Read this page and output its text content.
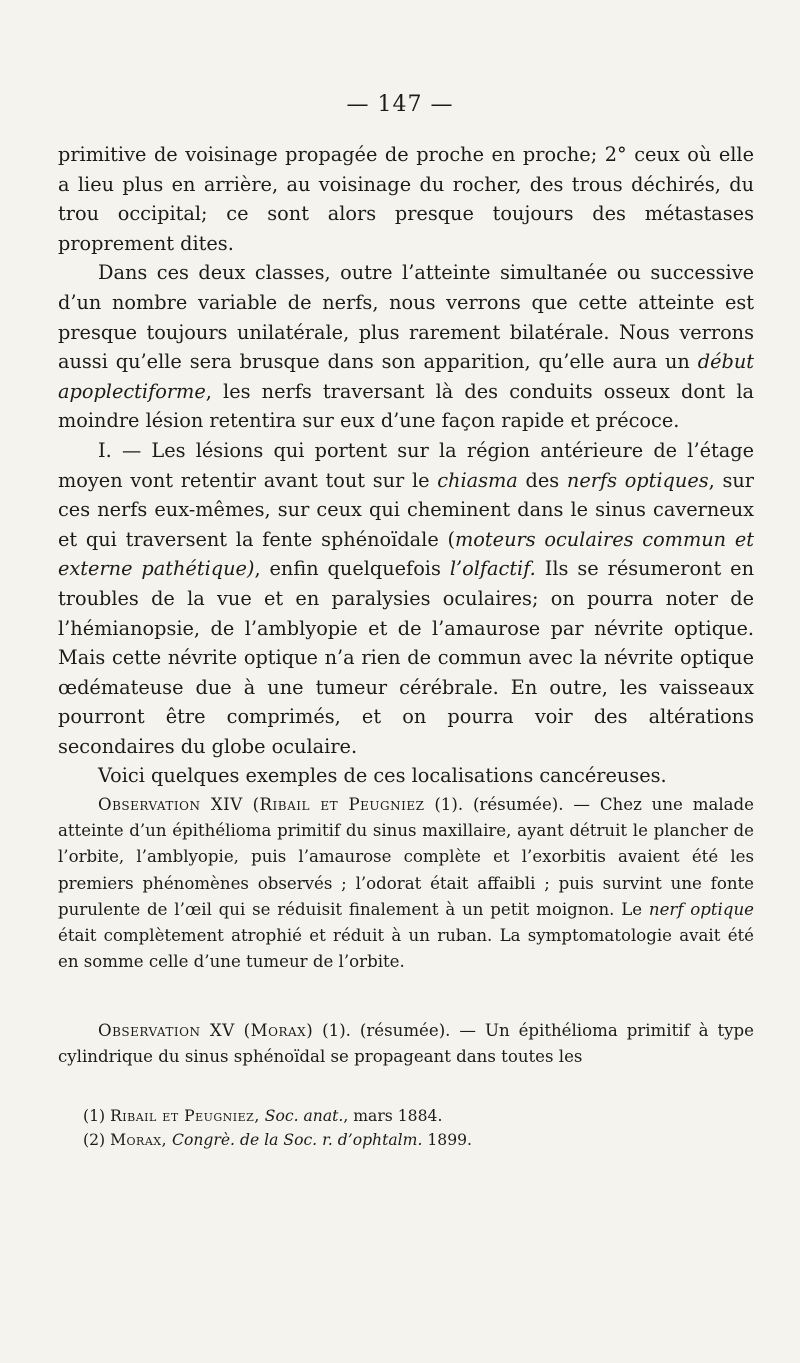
— 147 —

primitive de voisinage propagée de proche en proche; 2° ceux où elle a lieu plus en arrière, au voisinage du rocher, des trous déchirés, du trou occipital; ce sont alors presque toujours des métastases proprement dites.

Dans ces deux classes, outre l’atteinte simultanée ou successive d’un nombre variable de nerfs, nous verrons que cette atteinte est presque toujours unilatérale, plus rarement bilatérale. Nous verrons aussi qu’elle sera brusque dans son apparition, qu’elle aura un début apoplectiforme, les nerfs traversant là des conduits osseux dont la moindre lésion retentira sur eux d’une façon rapide et précoce.

I. — Les lésions qui portent sur la région antérieure de l’étage moyen vont retentir avant tout sur le chiasma des nerfs optiques, sur ces nerfs eux-mêmes, sur ceux qui cheminent dans le sinus caverneux et qui traversent la fente sphénoïdale (moteurs oculaires commun et externe pathétique), enfin quelquefois l’olfactif. Ils se résumeront en troubles de la vue et en paralysies oculaires; on pourra noter de l’hémianopsie, de l’amblyopie et de l’amaurose par névrite optique. Mais cette névrite optique n’a rien de commun avec la névrite optique œdémateuse due à une tumeur cérébrale. En outre, les vaisseaux pourront être comprimés, et on pourra voir des altérations secondaires du globe oculaire.

Voici quelques exemples de ces localisations cancéreuses.

Observation XIV (Ribail et Peugniez (1). (résumée). — Chez une malade atteinte d’un épithélioma primitif du sinus maxillaire, ayant détruit le plancher de l’orbite, l’amblyopie, puis l’amaurose complète et l’exorbitis avaient été les premiers phénomènes observés ; l’odorat était affaibli ; puis survint une fonte purulente de l’œil qui se réduisit finalement à un petit moignon. Le nerf optique était complètement atrophié et réduit à un ruban. La symptomatologie avait été en somme celle d’une tumeur de l’orbite.

Observation XV (Morax) (1). (résumée). — Un épithélioma primitif à type cylindrique du sinus sphénoïdal se propageant dans toutes les

(1) Ribail et Peugniez, Soc. anat., mars 1884.

(2) Morax, Congrè. de la Soc. r. d’ophtalm. 1899.
